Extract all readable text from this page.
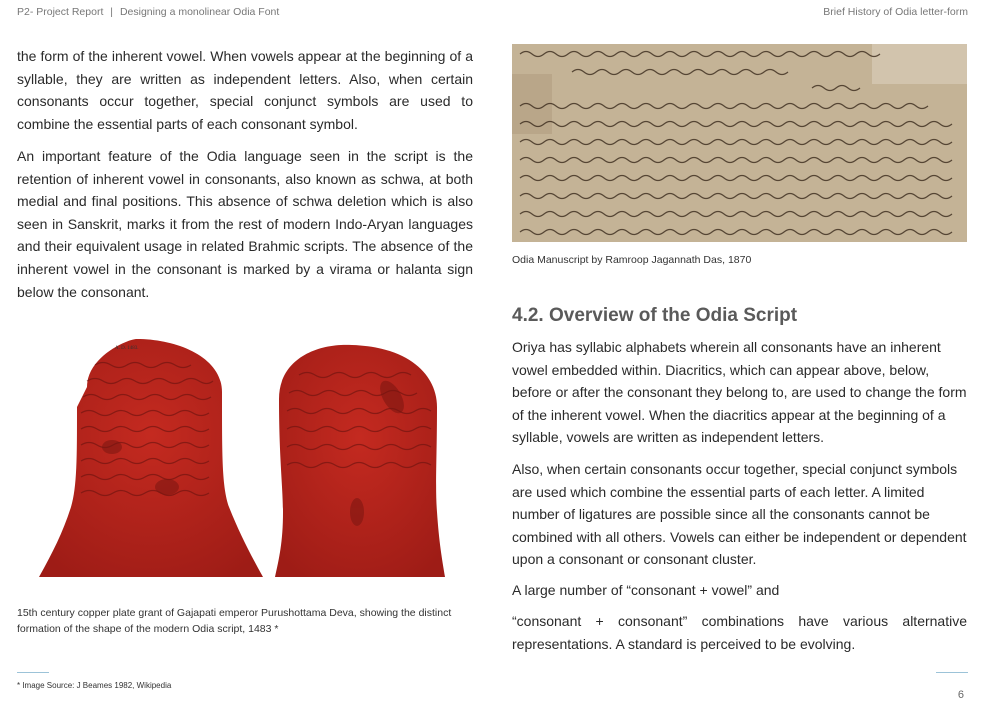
P2- Project Report | Designing a monolinear Odia Font	Brief History of Odia letter-form

the form of the inherent vowel. When vowels appear at the beginning of a syllable, they are written as independent letters. Also, when certain consonants occur together, special conjunct symbols are used to combine the essential parts of each consonant symbol.

An important feature of the Odia language seen in the script is the retention of inherent vowel in consonants, also known as schwa, at both medial and final positions. This absence of schwa deletion which is also seen in Sanskrit, marks it from the rest of modern Indo-Aryan languages and their equivalent usage in related Brahmic scripts. The absence of the inherent vowel in the consonant is marked by a virama or halanta sign below the consonant.

A. D. 1483.
15th century copper plate grant of Gajapati emperor Purushottama Deva, showing the distinct formation of the shape of the modern Odia script, 1483 *
Odia Manuscript by Ramroop Jagannath Das, 1870
4.2. Overview of the Odia Script

Oriya has syllabic alphabets wherein all consonants have an inherent vowel embedded within. Diacritics, which can appear above, below, before or after the consonant they belong to, are used to change the form of the inherent vowel. When the diacritics appear at the beginning of a syllable, vowels are written as independent letters.

Also, when certain consonants occur together, special conjunct symbols are used which combine the essential parts of each letter. A limited number of ligatures are possible since all the consonants cannot be combined with all others. Vowels can either be independent or dependent upon a consonant or consonant cluster.

A large number of “consonant + vowel” and

“consonant + consonant” combinations have various alternative representations. A standard is perceived to be evolving.

* Image Source: J Beames 1982, Wikipedia
6
